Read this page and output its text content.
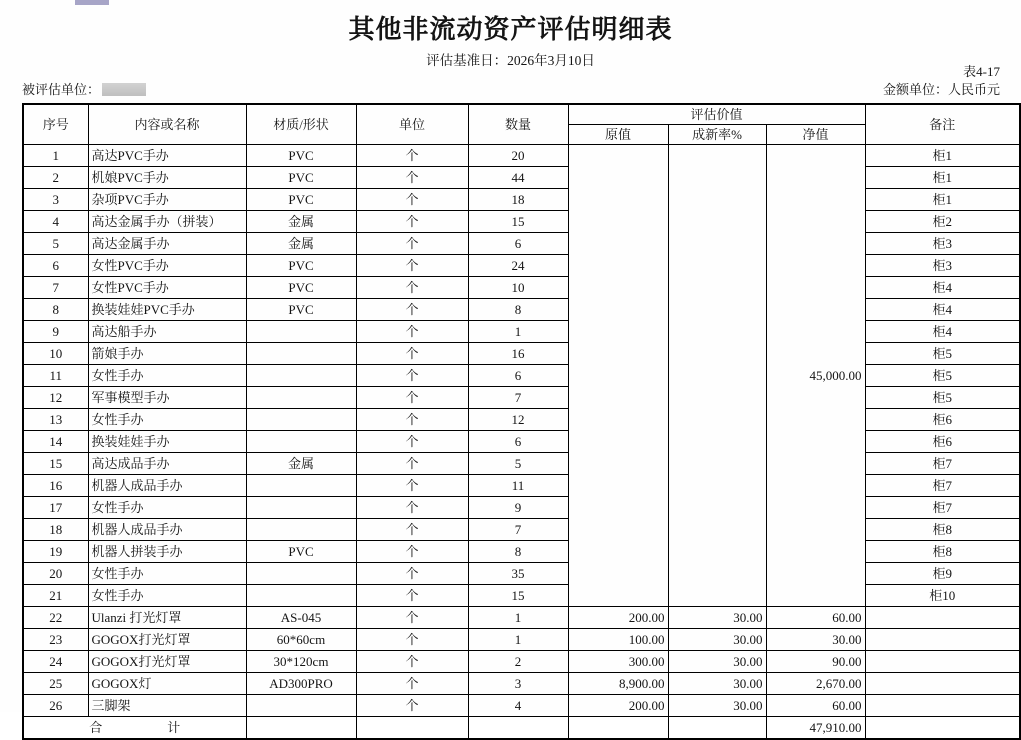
其他非流动资产评估明细表
评估基准日：2026年3月10日
表4-17
被评估单位：	金额单位：人民币元
序号	内容或名称	材质/形状	单位	数量	评估价值			备注
					原值	成新率%	净值	
1	高达PVC手办	PVC	个	20			45,000.00	柜1
2	机娘PVC手办	PVC	个	44				柜1
3	杂项PVC手办	PVC	个	18				柜1
4	高达金属手办（拼装）	金属	个	15				柜2
5	高达金属手办	金属	个	6				柜3
6	女性PVC手办	PVC	个	24				柜3
7	女性PVC手办	PVC	个	10				柜4
8	换装娃娃PVC手办	PVC	个	8				柜4
9	高达船手办		个	1				柜4
10	箭娘手办		个	16				柜5
11	女性手办		个	6				柜5
12	军事模型手办		个	7				柜5
13	女性手办		个	12				柜6
14	换装娃娃手办		个	6				柜6
15	高达成品手办	金属	个	5				柜7
16	机器人成品手办		个	11				柜7
17	女性手办		个	9				柜7
18	机器人成品手办		个	7				柜8
19	机器人拼装手办	PVC	个	8				柜8
20	女性手办		个	35				柜9
21	女性手办		个	15				柜10
22	Ulanzi 打光灯罩	AS-045	个	1	200.00	30.00	60.00	
23	GOGOX打光灯罩	60*60cm	个	1	100.00	30.00	30.00	
24	GOGOX打光灯罩	30*120cm	个	2	300.00	30.00	90.00	
25	GOGOX灯	AD300PRO	个	3	8,900.00	30.00	2,670.00	
26	三脚架		个	4	200.00	30.00	60.00	
合　　　　　计							47,910.00	
